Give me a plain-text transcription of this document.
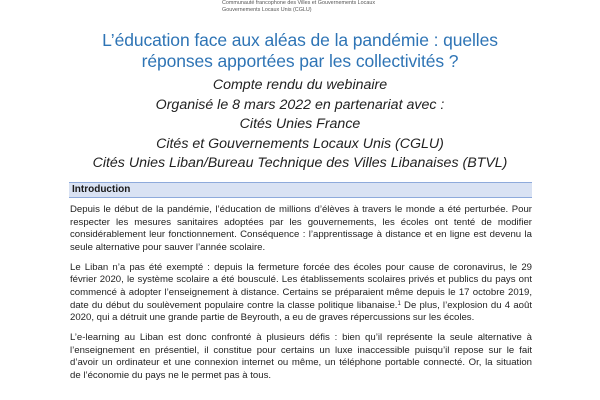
Communauté francophone des Villes et Gouvernements Locaux
Gouvernements Locaux Unis (CGLU)
L’éducation face aux aléas de la pandémie : quelles
réponses apportées par les collectivités ?
Compte rendu du webinaire
Organisé le 8 mars 2022 en partenariat avec :
Cités Unies France
Cités et Gouvernements Locaux Unis (CGLU)
Cités Unies Liban/Bureau Technique des Villes Libanaises (BTVL)
Introduction
Depuis le début de la pandémie, l’éducation de millions d’élèves à travers le monde a été perturbée. Pour
respecter les mesures sanitaires adoptées par les gouvernements, les écoles ont tenté de modifier
considérablement leur fonctionnement. Conséquence : l’apprentissage à distance et en ligne est devenu la
seule alternative pour sauver l’année scolaire.
Le Liban n’a pas été exempté : depuis la fermeture forcée des écoles pour cause de coronavirus, le 29
février 2020, le système scolaire a été bousculé. Les établissements scolaires privés et publics du pays ont
commencé à adopter l’enseignement à distance. Certains se préparaient même depuis le 17 octobre 2019,
date du début du soulèvement populaire contre la classe politique libanaise.$^1$ De plus, l’explosion du 4 août
2020, qui a détruit une grande partie de Beyrouth, a eu de graves répercussions sur les écoles.
L’e-learning au Liban est donc confronté à plusieurs défis : bien qu’il représente la seule alternative à
l’enseignement en présentiel, il constitue pour certains un luxe inaccessible puisqu’il repose sur le fait
d’avoir un ordinateur et une connexion internet ou même, un téléphone portable connecté. Or, la situation
de l’économie du pays ne le permet pas à tous.
